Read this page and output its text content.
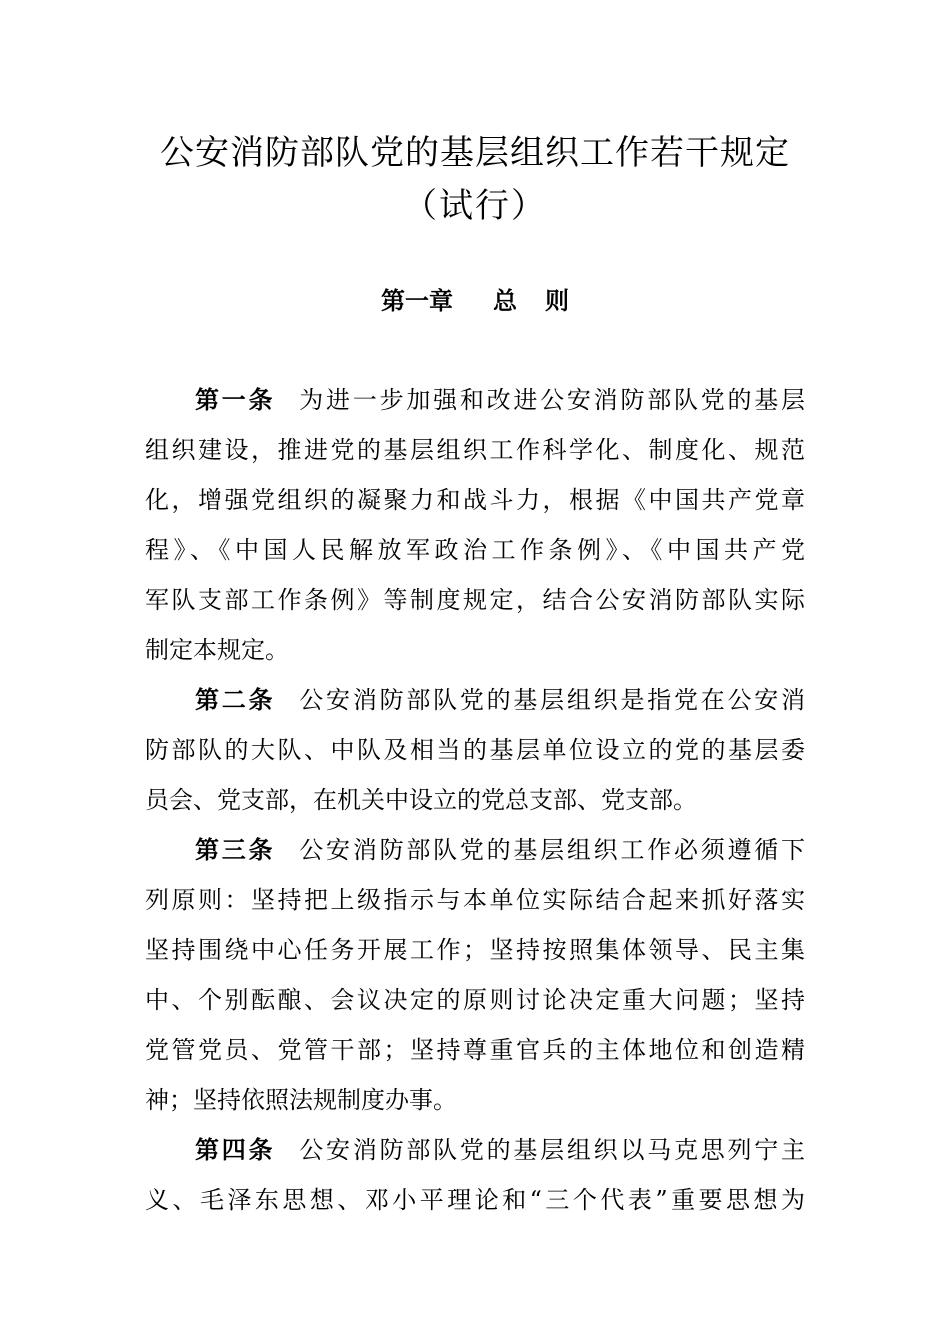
公安消防部队党的基层组织工作若干规定
（试行）
第一章 总 则
第一条 为进一步加强和改进公安消防部队党的基层
组织建设，推进党的基层组织工作科学化、制度化、规范
化，增强党组织的凝聚力和战斗力，根据《中国共产党章
程》、《中国人民解放军政治工作条例》、《中国共产党
军队支部工作条例》等制度规定，结合公安消防部队实际
制定本规定。
第二条 公安消防部队党的基层组织是指党在公安消
防部队的大队、中队及相当的基层单位设立的党的基层委
员会、党支部，在机关中设立的党总支部、党支部。
第三条 公安消防部队党的基层组织工作必须遵循下
列原则：坚持把上级指示与本单位实际结合起来抓好落实
坚持围绕中心任务开展工作；坚持按照集体领导、民主集
中、个别酝酿、会议决定的原则讨论决定重大问题；坚持
党管党员、党管干部；坚持尊重官兵的主体地位和创造精
神；坚持依照法规制度办事。
第四条 公安消防部队党的基层组织以马克思列宁主
义、毛泽东思想、邓小平理论和“三个代表”重要思想为
